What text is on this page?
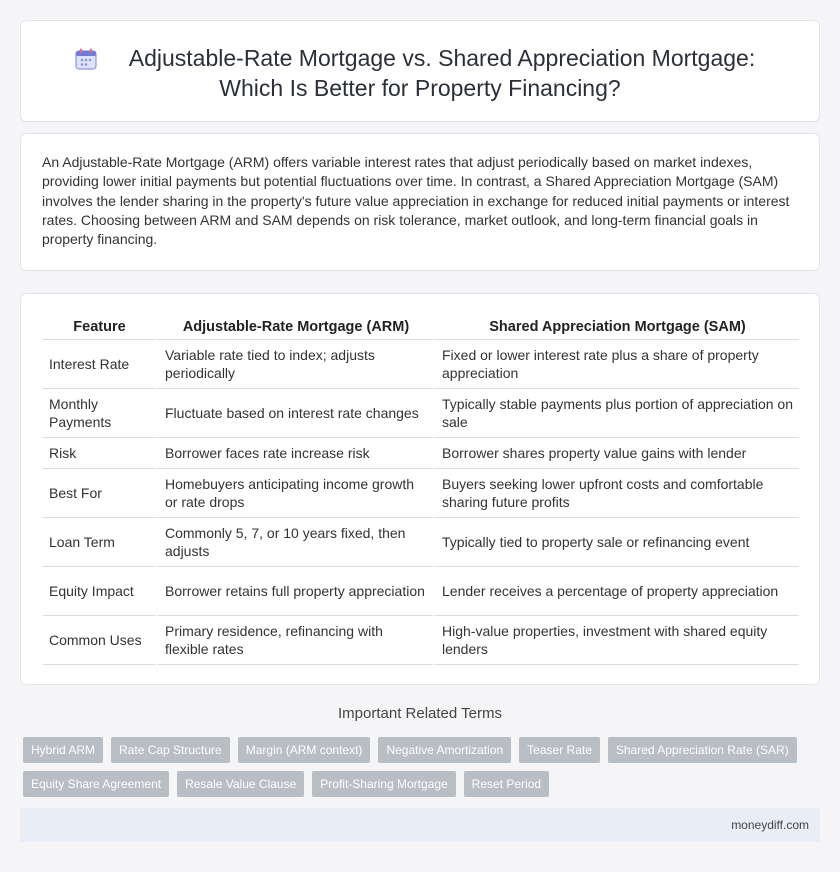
Adjustable-Rate Mortgage vs. Shared Appreciation Mortgage:
Which Is Better for Property Financing?

An Adjustable-Rate Mortgage (ARM) offers variable interest rates that adjust periodically based on market indexes, providing lower initial payments but potential fluctuations over time. In contrast, a Shared Appreciation Mortgage (SAM) involves the lender sharing in the property's future value appreciation in exchange for reduced initial payments or interest rates. Choosing between ARM and SAM depends on risk tolerance, market outlook, and long-term financial goals in property financing.

Feature	Adjustable-Rate Mortgage (ARM)	Shared Appreciation Mortgage (SAM)
Interest Rate	Variable rate tied to index; adjusts periodically	Fixed or lower interest rate plus a share of property appreciation
Monthly Payments	Fluctuate based on interest rate changes	Typically stable payments plus portion of appreciation on sale
Risk	Borrower faces rate increase risk	Borrower shares property value gains with lender
Best For	Homebuyers anticipating income growth or rate drops	Buyers seeking lower upfront costs and comfortable sharing future profits
Loan Term	Commonly 5, 7, or 10 years fixed, then adjusts	Typically tied to property sale or refinancing event
Equity Impact	Borrower retains full property appreciation	Lender receives a percentage of property appreciation
Common Uses	Primary residence, refinancing with flexible rates	High-value properties, investment with shared equity lenders
Important Related Terms
Hybrid ARM	Rate Cap Structure	Margin (ARM context)	Negative Amortization	Teaser Rate	Shared Appreciation Rate (SAR)
Equity Share Agreement	Resale Value Clause	Profit-Sharing Mortgage	Reset Period
moneydiff.com
